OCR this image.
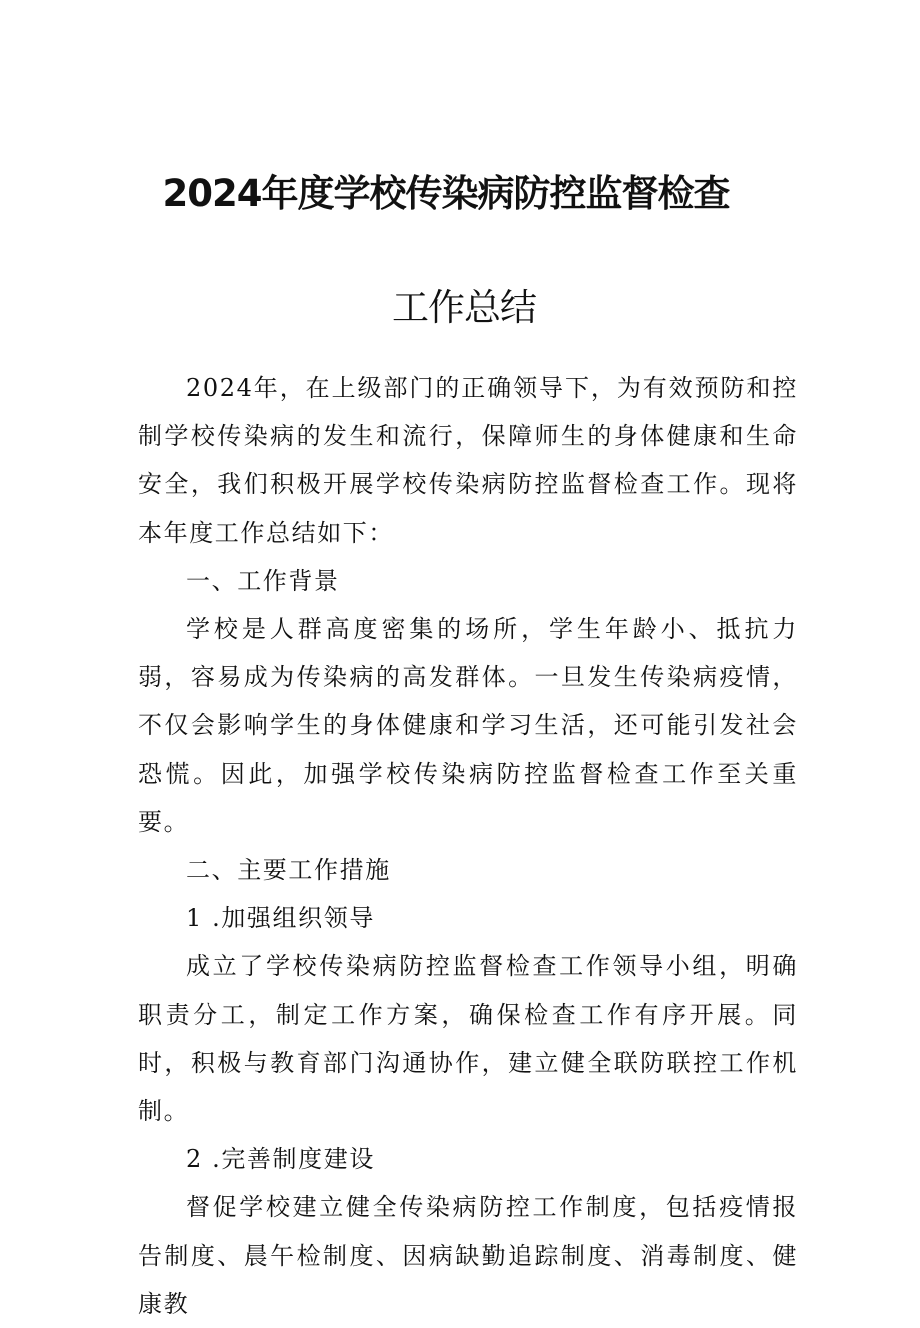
2024年度学校传染病防控监督检查
工作总结

2024年，在上级部门的正确领导下，为有效预防和控制学校传染病的发生和流行，保障师生的身体健康和生命安全，我们积极开展学校传染病防控监督检查工作。现将本年度工作总结如下：

一、工作背景

学校是人群高度密集的场所，学生年龄小、抵抗力弱，容易成为传染病的高发群体。一旦发生传染病疫情，不仅会影响学生的身体健康和学习生活，还可能引发社会恐慌。因此，加强学校传染病防控监督检查工作至关重要。

二、主要工作措施

1 .加强组织领导

成立了学校传染病防控监督检查工作领导小组，明确职责分工，制定工作方案，确保检查工作有序开展。同时，积极与教育部门沟通协作，建立健全联防联控工作机制。

2 .完善制度建设

督促学校建立健全传染病防控工作制度，包括疫情报告制度、晨午检制度、因病缺勤追踪制度、消毒制度、健康教
